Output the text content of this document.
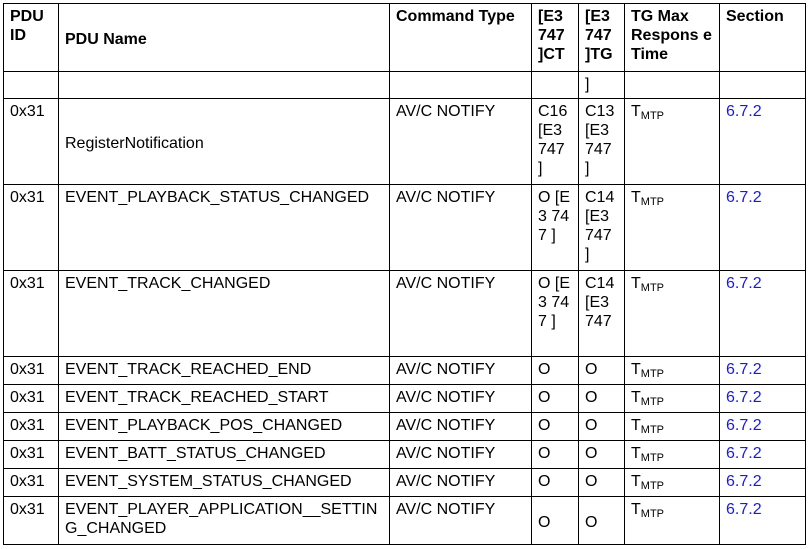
PDU ID	PDU Name	Command Type	[E3 747 ]CT	[E3 747 ]TG	TG Max Respons e Time	Section
				]		
0x31	RegisterNotification	AV/C NOTIFY	C16 [E3 747 ]	C13 [E3 747 ]	TMTP	6.7.2
0x31	EVENT_PLAYBACK_STATUS_CHANGED	AV/C NOTIFY	O [E3 747 ]	C14 [E3 747 ]	TMTP	6.7.2
0x31	EVENT_TRACK_CHANGED	AV/C NOTIFY	O [E3 747 ]	C14 [E3 747	TMTP	6.7.2
0x31	EVENT_TRACK_REACHED_END	AV/C NOTIFY	O	O	TMTP	6.7.2
0x31	EVENT_TRACK_REACHED_START	AV/C NOTIFY	O	O	TMTP	6.7.2
0x31	EVENT_PLAYBACK_POS_CHANGED	AV/C NOTIFY	O	O	TMTP	6.7.2
0x31	EVENT_BATT_STATUS_CHANGED	AV/C NOTIFY	O	O	TMTP	6.7.2
0x31	EVENT_SYSTEM_STATUS_CHANGED	AV/C NOTIFY	O	O	TMTP	6.7.2
0x31	EVENT_PLAYER_APPLICATION__SETTING_CHANGED	AV/C NOTIFY	O	O	TMTP	6.7.2
